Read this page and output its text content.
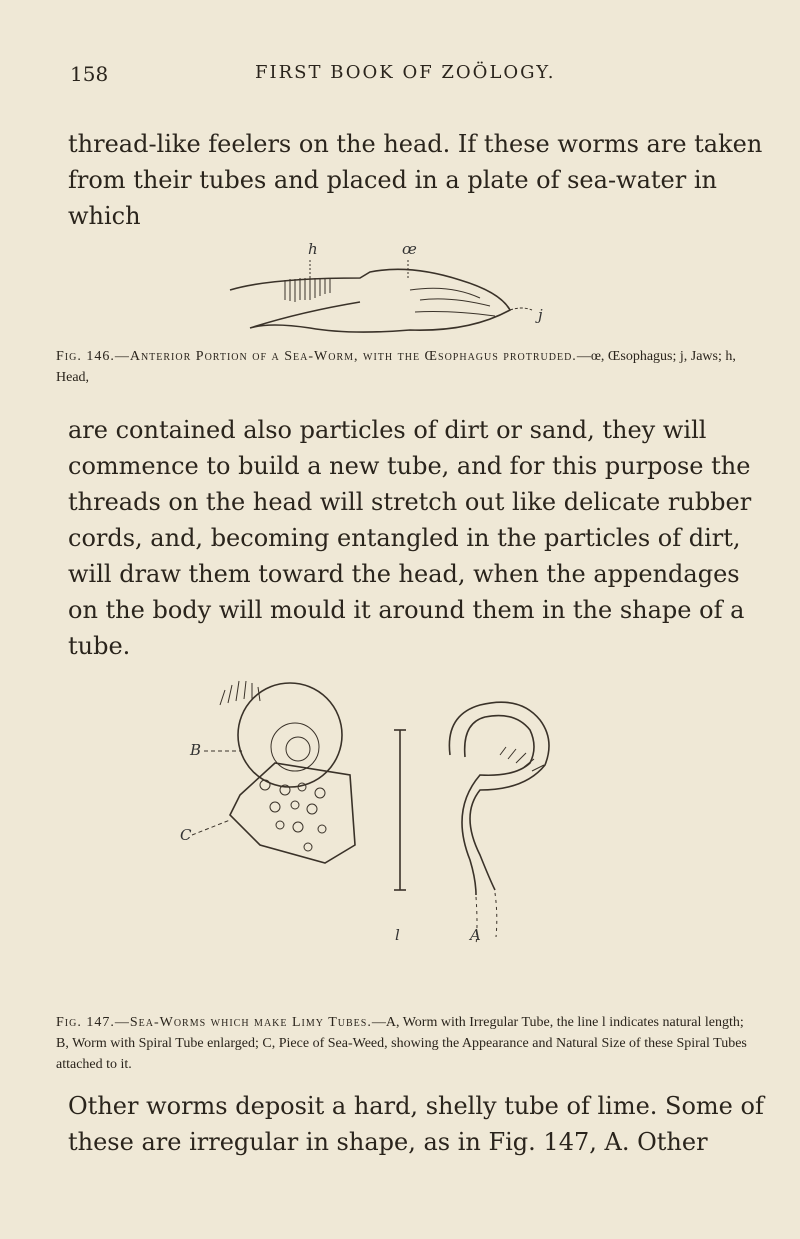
158	FIRST BOOK OF ZOÖLOGY.

thread-like feelers on the head. If these worms are taken from their tubes and placed in a plate of sea-water in which

h	œ
j
Fig. 146.—Anterior Portion of a Sea-Worm, with the Œsophagus protruded.—œ, Œsophagus; j, Jaws; h, Head,

are contained also particles of dirt or sand, they will commence to build a new tube, and for this purpose the threads on the head will stretch out like delicate rubber cords, and, becoming entangled in the particles of dirt, will draw them toward the head, when the appendages on the body will mould it around them in the shape of a tube.

B
C
l	A
Fig. 147.—Sea-Worms which make Limy Tubes.—A, Worm with Irregular Tube, the line l indicates natural length; B, Worm with Spiral Tube enlarged; C, Piece of Sea-Weed, showing the Appearance and Natural Size of these Spiral Tubes attached to it.

Other worms deposit a hard, shelly tube of lime. Some of these are irregular in shape, as in Fig. 147, A. Other
